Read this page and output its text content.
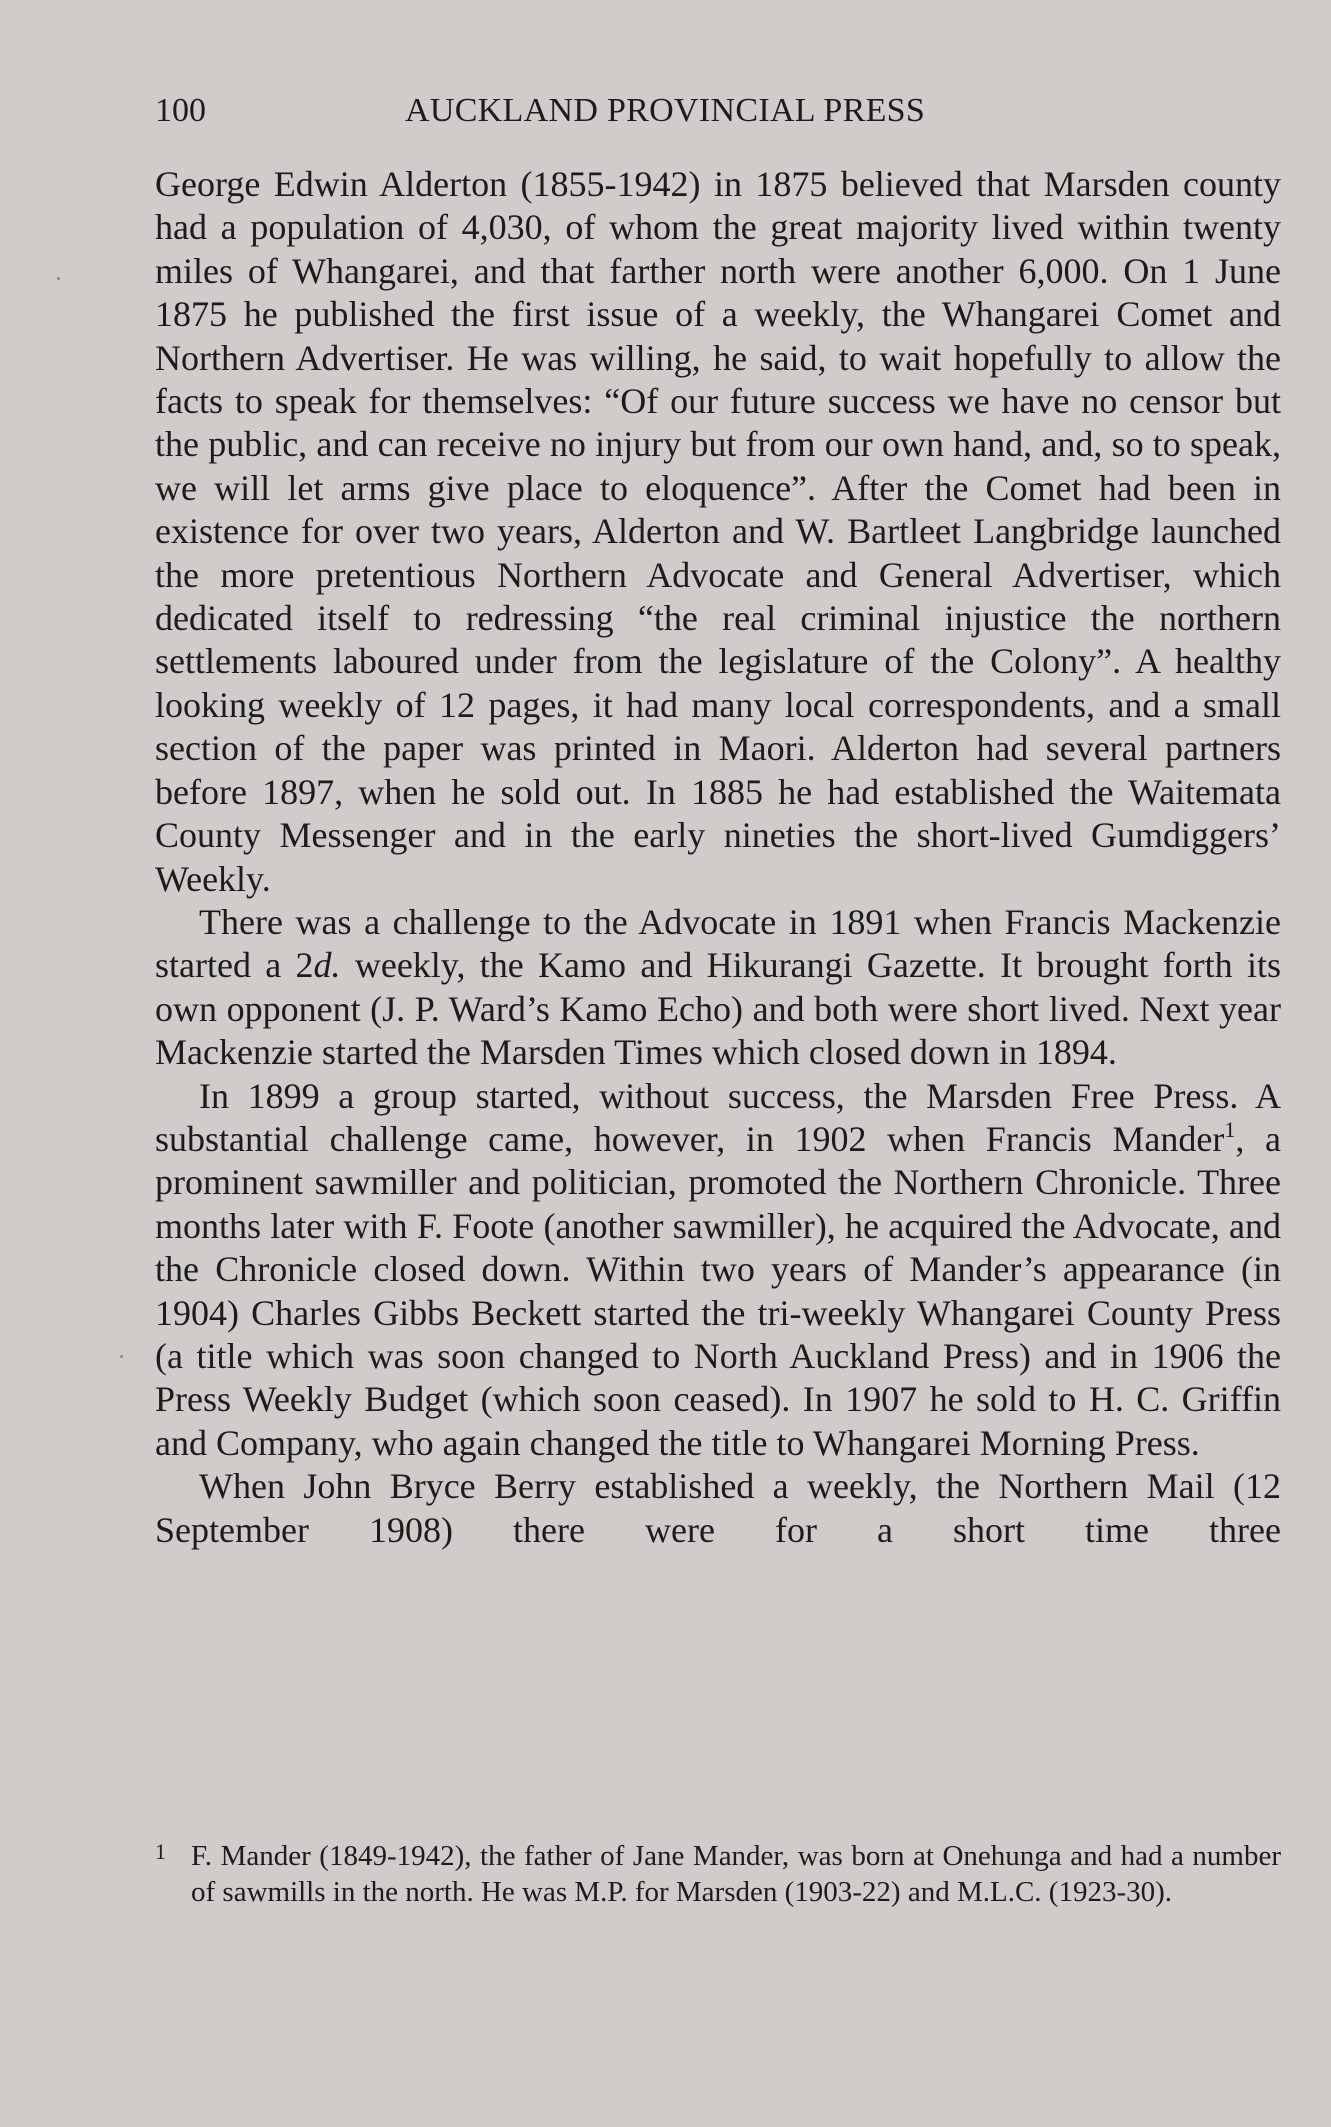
100	AUCKLAND PROVINCIAL PRESS

George Edwin Alderton (1855-1942) in 1875 believed that Marsden county had a population of 4,030, of whom the great majority lived within twenty miles of Whangarei, and that farther north were another 6,000. On 1 June 1875 he published the first issue of a weekly, the Whangarei Comet and Northern Advertiser. He was willing, he said, to wait hopefully to allow the facts to speak for themselves: “Of our future success we have no censor but the public, and can receive no injury but from our own hand, and, so to speak, we will let arms give place to eloquence”. After the Comet had been in existence for over two years, Alderton and W. Bartleet Langbridge launched the more pretentious Northern Advocate and General Advertiser, which dedicated itself to redressing “the real criminal injustice the northern settlements laboured under from the legislature of the Colony”. A healthy looking weekly of 12 pages, it had many local correspondents, and a small section of the paper was printed in Maori. Alderton had several partners before 1897, when he sold out. In 1885 he had established the Waitemata County Messenger and in the early nineties the short-lived Gumdiggers’ Weekly.

There was a challenge to the Advocate in 1891 when Francis Mackenzie started a 2d. weekly, the Kamo and Hikurangi Gazette. It brought forth its own opponent (J. P. Ward’s Kamo Echo) and both were short lived. Next year Mackenzie started the Marsden Times which closed down in 1894.

In 1899 a group started, without success, the Marsden Free Press. A substantial challenge came, however, in 1902 when Francis Mander$^1$, a prominent sawmiller and politician, promoted the Northern Chronicle. Three months later with F. Foote (another sawmiller), he acquired the Advocate, and the Chronicle closed down. Within two years of Mander’s appearance (in 1904) Charles Gibbs Beckett started the tri-weekly Whangarei County Press (a title which was soon changed to North Auckland Press) and in 1906 the Press Weekly Budget (which soon ceased). In 1907 he sold to H. C. Griffin and Company, who again changed the title to Whangarei Morning Press.

When John Bryce Berry established a weekly, the Northern Mail (12 September 1908) there were for a short time three

1 F. Mander (1849-1942), the father of Jane Mander, was born at Onehunga and had a number of sawmills in the north. He was M.P. for Marsden (1903-22) and M.L.C. (1923-30).
